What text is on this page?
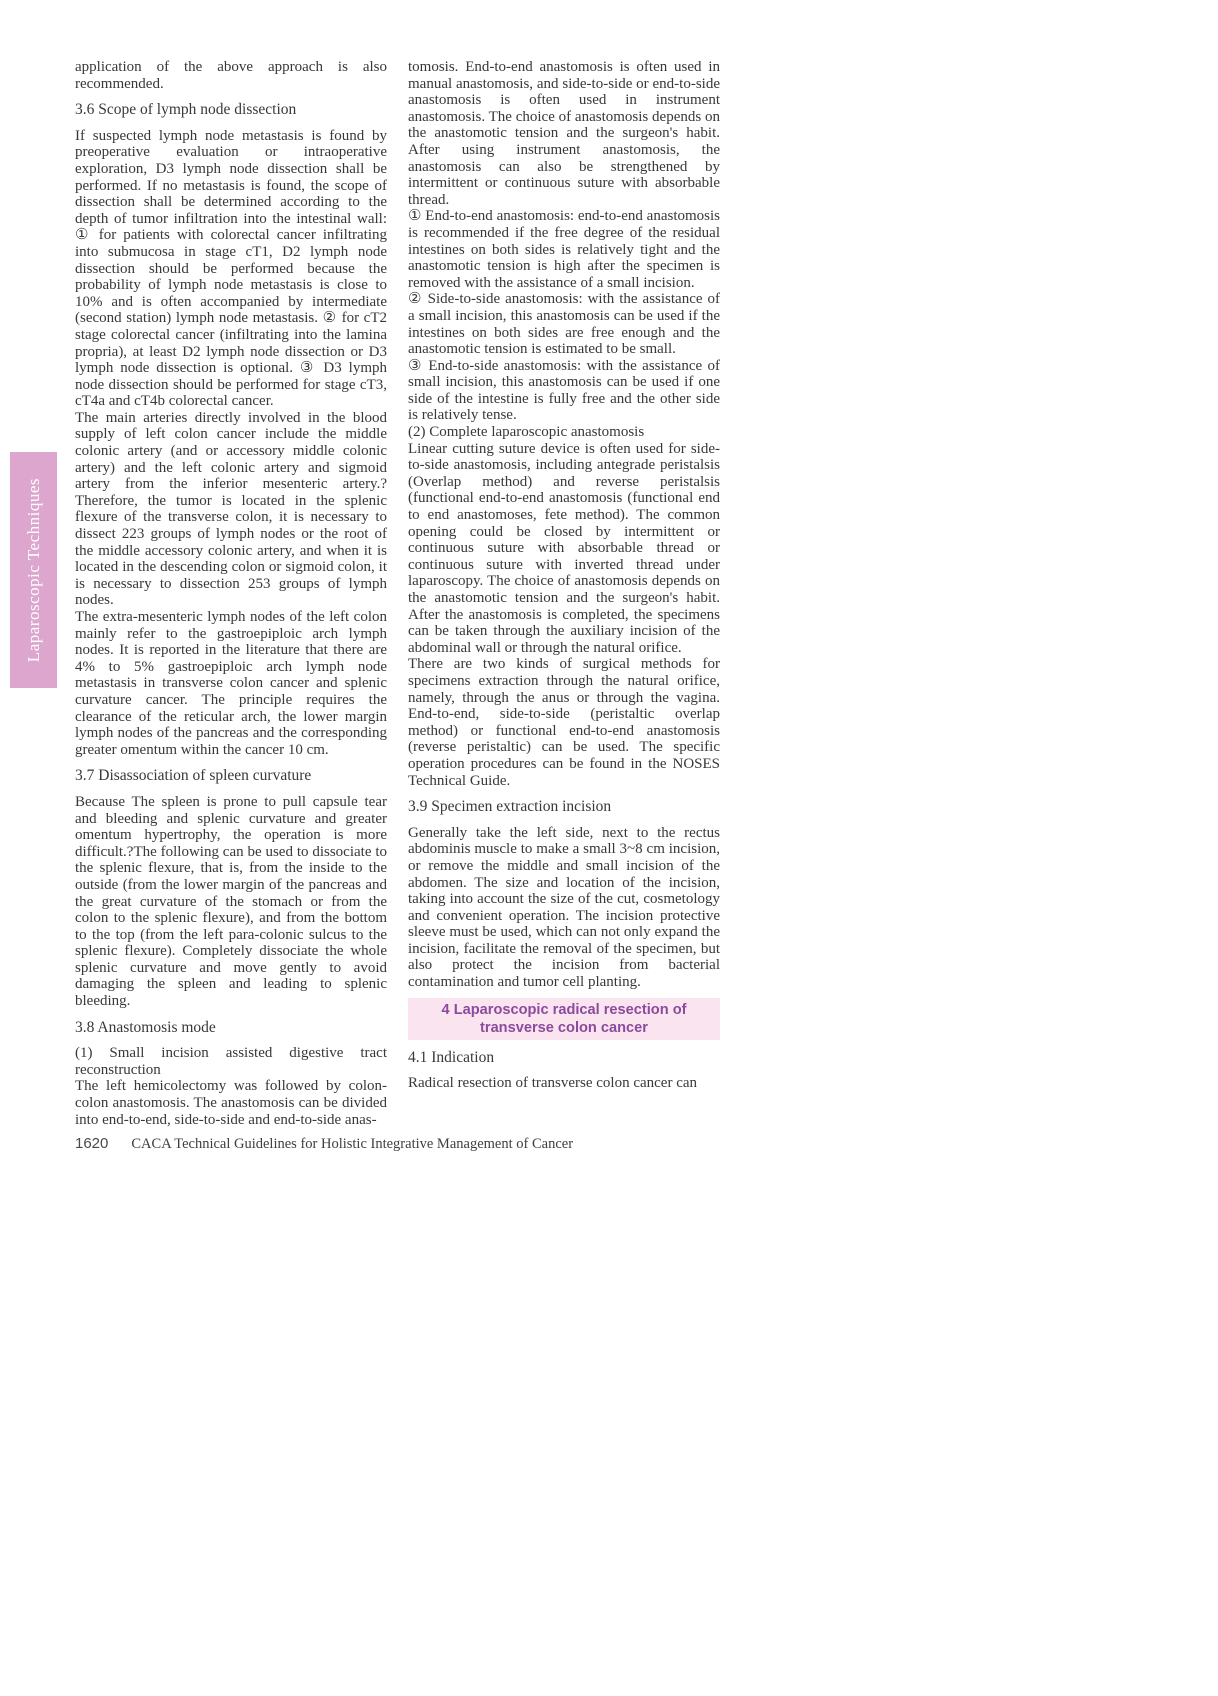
Laparoscopic Techniques

application of the above approach is also recommended.

3.6 Scope of lymph node dissection

If suspected lymph node metastasis is found by preoperative evaluation or intraoperative exploration, D3 lymph node dissection shall be performed. If no metastasis is found, the scope of dissection shall be determined according to the depth of tumor infiltration into the intestinal wall: ① for patients with colorectal cancer infiltrating into submucosa in stage cT1, D2 lymph node dissection should be performed because the probability of lymph node metastasis is close to 10% and is often accompanied by intermediate (second station) lymph node metastasis. ② for cT2 stage colorectal cancer (infiltrating into the lamina propria), at least D2 lymph node dissection or D3 lymph node dissection is optional. ③ D3 lymph node dissection should be performed for stage cT3, cT4a and cT4b colorectal cancer.

The main arteries directly involved in the blood supply of left colon cancer include the middle colonic artery (and or accessory middle colonic artery) and the left colonic artery and sigmoid artery from the inferior mesenteric artery.? Therefore, the tumor is located in the splenic flexure of the transverse colon, it is necessary to dissect 223 groups of lymph nodes or the root of the middle accessory colonic artery, and when it is located in the descending colon or sigmoid colon, it is necessary to dissection 253 groups of lymph nodes.

The extra-mesenteric lymph nodes of the left colon mainly refer to the gastroepiploic arch lymph nodes. It is reported in the literature that there are 4% to 5% gastroepiploic arch lymph node metastasis in transverse colon cancer and splenic curvature cancer. The principle requires the clearance of the reticular arch, the lower margin lymph nodes of the pancreas and the corresponding greater omentum within the cancer 10 cm.

3.7 Disassociation of spleen curvature

Because The spleen is prone to pull capsule tear and bleeding and splenic curvature and greater omentum hypertrophy, the operation is more difficult.?The following can be used to dissociate to the splenic flexure, that is, from the inside to the outside (from the lower margin of the pancreas and the great curvature of the stomach or from the colon to the splenic flexure), and from the bottom to the top (from the left para-colonic sulcus to the splenic flexure). Completely dissociate the whole splenic curvature and move gently to avoid damaging the spleen and leading to splenic bleeding.

3.8 Anastomosis mode

(1) Small incision assisted digestive tract reconstruction

The left hemicolectomy was followed by colon-colon anastomosis. The anastomosis can be divided into end-to-end, side-to-side and end-to-side anas-

tomosis. End-to-end anastomosis is often used in manual anastomosis, and side-to-side or end-to-side anastomosis is often used in instrument anastomosis. The choice of anastomosis depends on the anastomotic tension and the surgeon's habit. After using instrument anastomosis, the anastomosis can also be strengthened by intermittent or continuous suture with absorbable thread.

① End-to-end anastomosis: end-to-end anastomosis is recommended if the free degree of the residual intestines on both sides is relatively tight and the anastomotic tension is high after the specimen is removed with the assistance of a small incision.

② Side-to-side anastomosis: with the assistance of a small incision, this anastomosis can be used if the intestines on both sides are free enough and the anastomotic tension is estimated to be small.

③ End-to-side anastomosis: with the assistance of small incision, this anastomosis can be used if one side of the intestine is fully free and the other side is relatively tense.

(2) Complete laparoscopic anastomosis

Linear cutting suture device is often used for side-to-side anastomosis, including antegrade peristalsis (Overlap method) and reverse peristalsis (functional end-to-end anastomosis (functional end to end anastomoses, fete method). The common opening could be closed by intermittent or continuous suture with absorbable thread or continuous suture with inverted thread under laparoscopy. The choice of anastomosis depends on the anastomotic tension and the surgeon's habit. After the anastomosis is completed, the specimens can be taken through the auxiliary incision of the abdominal wall or through the natural orifice.

There are two kinds of surgical methods for specimens extraction through the natural orifice, namely, through the anus or through the vagina. End-to-end, side-to-side (peristaltic overlap method) or functional end-to-end anastomosis (reverse peristaltic) can be used. The specific operation procedures can be found in the NOSES Technical Guide.

3.9 Specimen extraction incision

Generally take the left side, next to the rectus abdominis muscle to make a small 3~8 cm incision, or remove the middle and small incision of the abdomen. The size and location of the incision, taking into account the size of the cut, cosmetology and convenient operation. The incision protective sleeve must be used, which can not only expand the incision, facilitate the removal of the specimen, but also protect the incision from bacterial contamination and tumor cell planting.

4 Laparoscopic radical resection of transverse colon cancer
4.1 Indication

Radical resection of transverse colon cancer can

1620 CACA Technical Guidelines for Holistic Integrative Management of Cancer
